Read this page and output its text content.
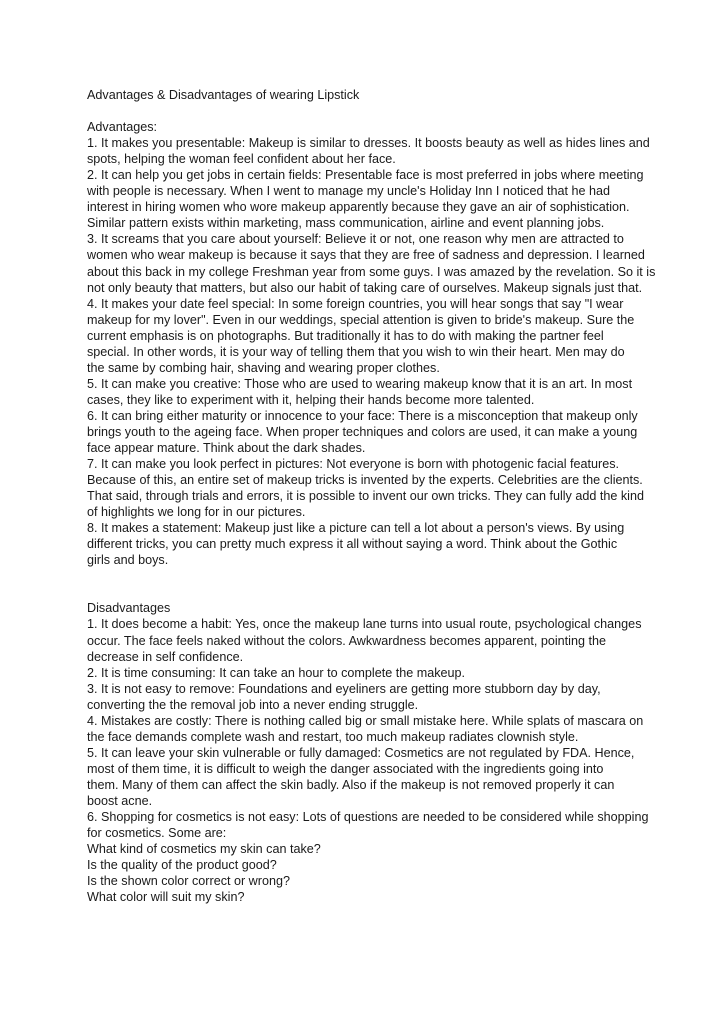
Advantages & Disadvantages of wearing Lipstick
Advantages:
1. It makes you presentable: Makeup is similar to dresses. It boosts beauty as well as hides lines and
spots, helping the woman feel confident about her face.
2. It can help you get jobs in certain fields: Presentable face is most preferred in jobs where meeting
with people is necessary. When I went to manage my uncle's Holiday Inn I noticed that he had
interest in hiring women who wore makeup apparently because they gave an air of sophistication.
Similar pattern exists within marketing, mass communication, airline and event planning jobs.
3. It screams that you care about yourself: Believe it or not, one reason why men are attracted to
women who wear makeup is because it says that they are free of sadness and depression. I learned
about this back in my college Freshman year from some guys. I was amazed by the revelation. So it is
not only beauty that matters, but also our habit of taking care of ourselves. Makeup signals just that.
4. It makes your date feel special: In some foreign countries, you will hear songs that say "I wear
makeup for my lover". Even in our weddings, special attention is given to bride's makeup. Sure the
current emphasis is on photographs. But traditionally it has to do with making the partner feel
special. In other words, it is your way of telling them that you wish to win their heart. Men may do
the same by combing hair, shaving and wearing proper clothes.
5. It can make you creative: Those who are used to wearing makeup know that it is an art. In most
cases, they like to experiment with it, helping their hands become more talented.
6. It can bring either maturity or innocence to your face: There is a misconception that makeup only
brings youth to the ageing face. When proper techniques and colors are used, it can make a young
face appear mature. Think about the dark shades.
7. It can make you look perfect in pictures: Not everyone is born with photogenic facial features.
Because of this, an entire set of makeup tricks is invented by the experts. Celebrities are the clients.
That said, through trials and errors, it is possible to invent our own tricks. They can fully add the kind
of highlights we long for in our pictures.
8. It makes a statement: Makeup just like a picture can tell a lot about a person's views. By using
different tricks, you can pretty much express it all without saying a word. Think about the Gothic
girls and boys.
Disadvantages
1. It does become a habit: Yes, once the makeup lane turns into usual route, psychological changes
occur. The face feels naked without the colors. Awkwardness becomes apparent, pointing the
decrease in self confidence.
2. It is time consuming: It can take an hour to complete the makeup.
3. It is not easy to remove: Foundations and eyeliners are getting more stubborn day by day,
converting the the removal job into a never ending struggle.
4. Mistakes are costly: There is nothing called big or small mistake here. While splats of mascara on
the face demands complete wash and restart, too much makeup radiates clownish style.
5. It can leave your skin vulnerable or fully damaged: Cosmetics are not regulated by FDA. Hence,
most of them time, it is difficult to weigh the danger associated with the ingredients going into
them. Many of them can affect the skin badly. Also if the makeup is not removed properly it can
boost acne.
6. Shopping for cosmetics is not easy: Lots of questions are needed to be considered while shopping
for cosmetics. Some are:
What kind of cosmetics my skin can take?
Is the quality of the product good?
Is the shown color correct or wrong?
What color will suit my skin?
